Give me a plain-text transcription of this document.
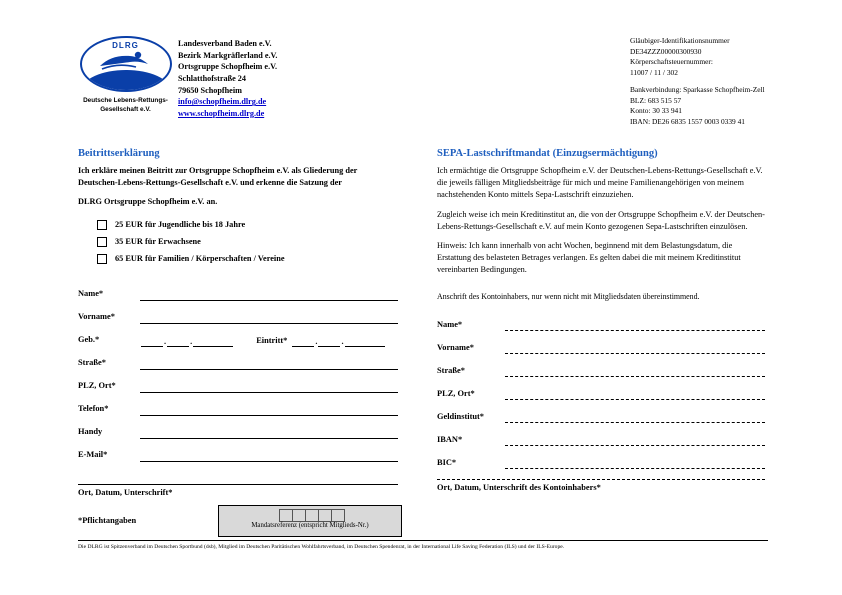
DLRG
Deutsche Lebens-Rettungs-
Gesellschaft e.V.
Landesverband Baden e.V.
Bezirk Markgräflerland e.V.
Ortsgruppe Schopfheim e.V.
Schlatthofstraße 24
79650 Schopfheim
info@schopfheim.dlrg.de
www.schopfheim.dlrg.de
Gläubiger-Identifikationsnummer
DE34ZZZ00000300930
Körperschaftsteuernummer:
11007 / 11 / 302
Bankverbindung: Sparkasse Schopfheim-Zell
BLZ: 683 515 57
Konto: 30 33 941
IBAN: DE26 6835 1557 0003 0339 41
Beitrittserklärung
Ich erkläre meinen Beitritt zur Ortsgruppe Schopfheim e.V. als Gliederung der Deutschen-Lebens-Rettungs-Gesellschaft e.V. und erkenne die Satzung der
DLRG Ortsgruppe Schopfheim e.V. an.
25 EUR für Jugendliche bis 18 Jahre
35 EUR für Erwachsene
65 EUR für Familien / Körperschaften / Vereine
Name*
Vorname*
Geb.*	.	.	Eintritt*	.	.
Straße*
PLZ, Ort*
Telefon*
Handy
E-Mail*
Ort, Datum, Unterschrift*
*Pflichtangaben
Mandatsreferenz (entspricht Mitglieds-Nr.)
SEPA-Lastschriftmandat (Einzugsermächtigung)
Ich ermächtige die Ortsgruppe Schopfheim e.V. der Deutschen-Lebens-Rettungs-Gesellschaft e.V. die jeweils fälligen Mitgliedsbeiträge für mich und meine Familienangehörigen von meinem nachstehenden Konto mittels Sepa-Lastschrift einzuziehen.
Zugleich weise ich mein Kreditinstitut an, die von der Ortsgruppe Schopfheim e.V. der Deutschen-Lebens-Rettungs-Gesellschaft e.V. auf mein Konto gezogenen Sepa-Lastschriften einzulösen.
Hinweis: Ich kann innerhalb von acht Wochen, beginnend mit dem Belastungsdatum, die Erstattung des belasteten Betrages verlangen. Es gelten dabei die mit meinem Kreditinstitut vereinbarten Bedingungen.
Anschrift des Kontoinhabers, nur wenn nicht mit Mitgliedsdaten übereinstimmend.
Name*
Vorname*
Straße*
PLZ, Ort*
Geldinstitut*
IBAN*
BIC*
Ort, Datum, Unterschrift des Kontoinhabers*
Die DLRG ist Spitzenverband im Deutschen Sportbund (dsb), Mitglied im Deutschen Paritätischen Wohlfahrtsverband, im Deutschen Spendenrat, in der International Life Saving Federation (ILS) und der ILS-Europe.
